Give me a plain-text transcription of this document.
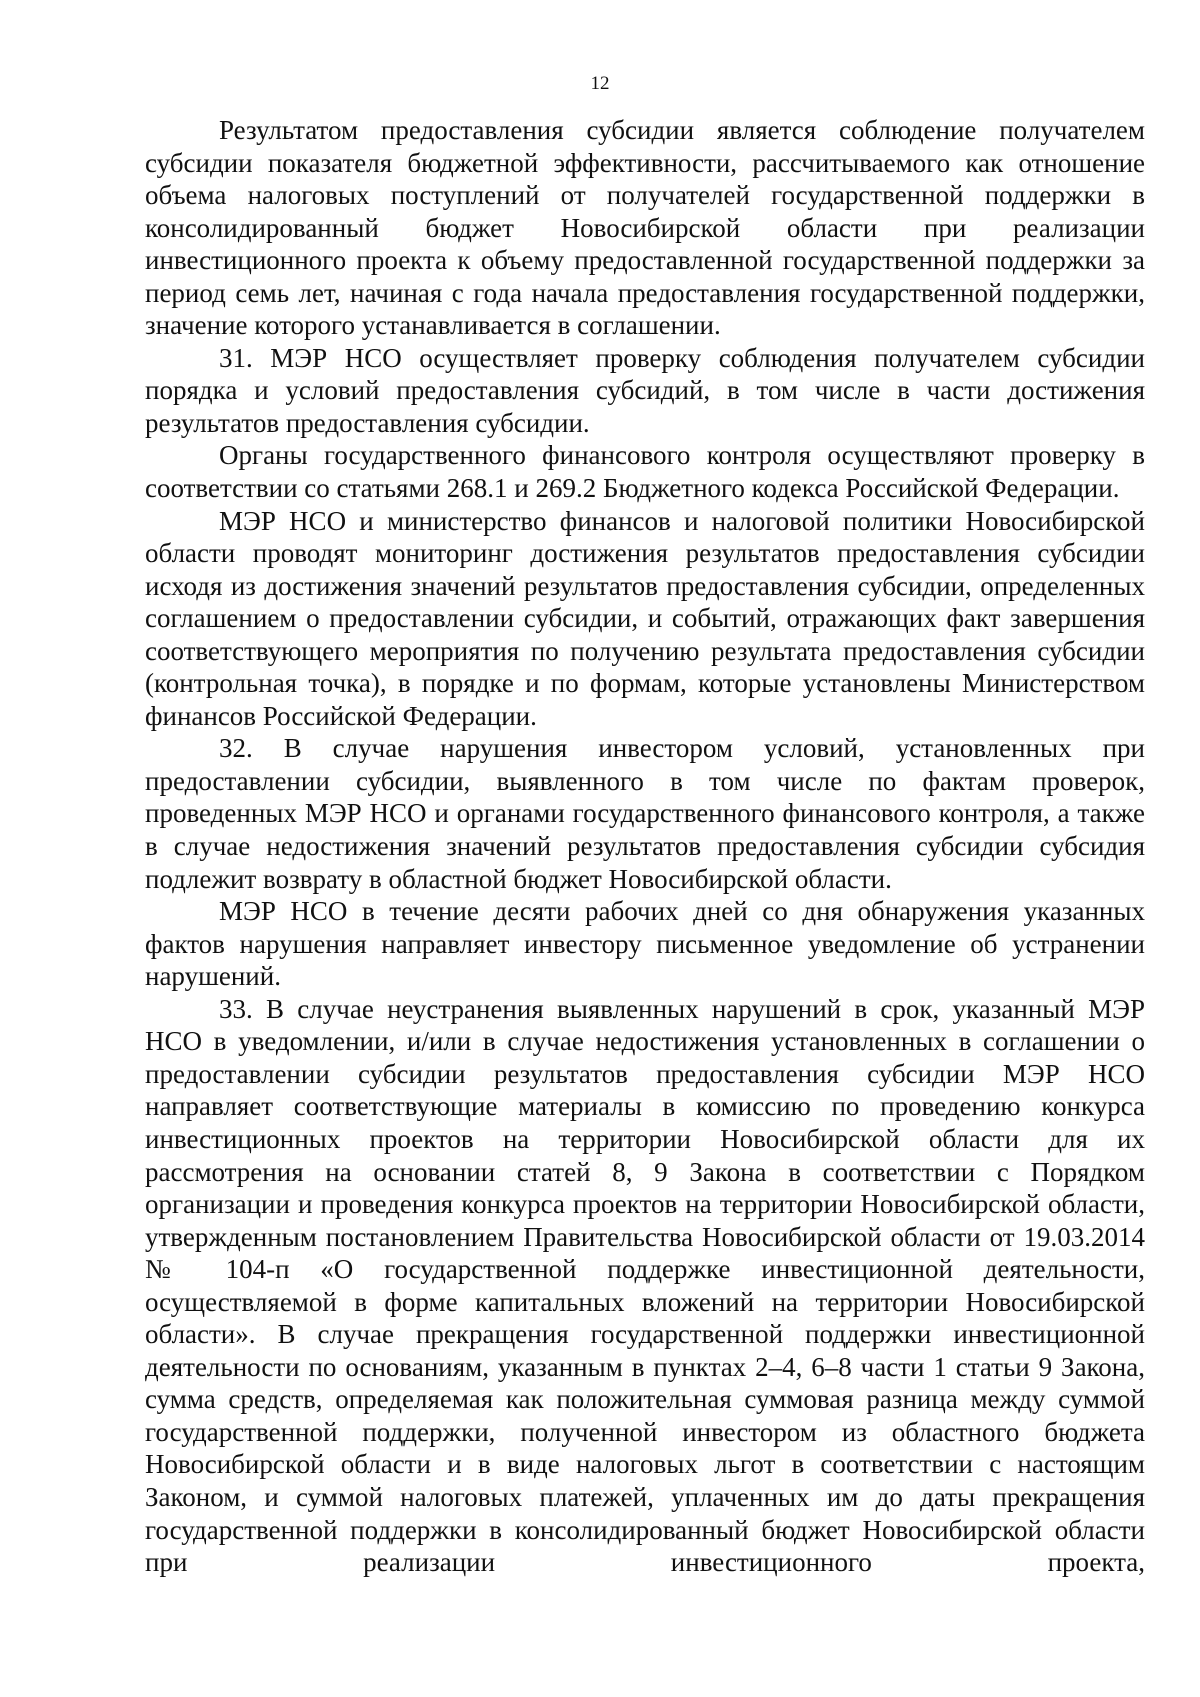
12

Результатом предоставления субсидии является соблюдение получателем субсидии показателя бюджетной эффективности, рассчитываемого как отношение объема налоговых поступлений от получателей государственной поддержки в консолидированный бюджет Новосибирской области при реализации инвестиционного проекта к объему предоставленной государственной поддержки за период семь лет, начиная с года начала предоставления государственной поддержки, значение которого устанавливается в соглашении.

31. МЭР НСО осуществляет проверку соблюдения получателем субсидии порядка и условий предоставления субсидий, в том числе в части достижения результатов предоставления субсидии.

Органы государственного финансового контроля осуществляют проверку в соответствии со статьями 268.1 и 269.2 Бюджетного кодекса Российской Федерации.

МЭР НСО и министерство финансов и налоговой политики Новосибирской области проводят мониторинг достижения результатов предоставления субсидии исходя из достижения значений результатов предоставления субсидии, определенных соглашением о предоставлении субсидии, и событий, отражающих факт завершения соответствующего мероприятия по получению результата предоставления субсидии (контрольная точка), в порядке и по формам, которые установлены Министерством финансов Российской Федерации.

32. В случае нарушения инвестором условий, установленных при предоставлении субсидии, выявленного в том числе по фактам проверок, проведенных МЭР НСО и органами государственного финансового контроля, а также в случае недостижения значений результатов предоставления субсидии субсидия подлежит возврату в областной бюджет Новосибирской области.

МЭР НСО в течение десяти рабочих дней со дня обнаружения указанных фактов нарушения направляет инвестору письменное уведомление об устранении нарушений.

33. В случае неустранения выявленных нарушений в срок, указанный МЭР НСО в уведомлении, и/или в случае недостижения установленных в соглашении о предоставлении субсидии результатов предоставления субсидии МЭР НСО направляет соответствующие материалы в комиссию по проведению конкурса инвестиционных проектов на территории Новосибирской области для их рассмотрения на основании статей 8, 9 Закона в соответствии с Порядком организации и проведения конкурса проектов на территории Новосибирской области, утвержденным постановлением Правительства Новосибирской области от 19.03.2014 № 104-п «О государственной поддержке инвестиционной деятельности, осуществляемой в форме капитальных вложений на территории Новосибирской области». В случае прекращения государственной поддержки инвестиционной деятельности по основаниям, указанным в пунктах 2–4, 6–8 части 1 статьи 9 Закона, сумма средств, определяемая как положительная суммовая разница между суммой государственной поддержки, полученной инвестором из областного бюджета Новосибирской области и в виде налоговых льгот в соответствии с настоящим Законом, и суммой налоговых платежей, уплаченных им до даты прекращения государственной поддержки в консолидированный бюджет Новосибирской области при реализации инвестиционного проекта,
